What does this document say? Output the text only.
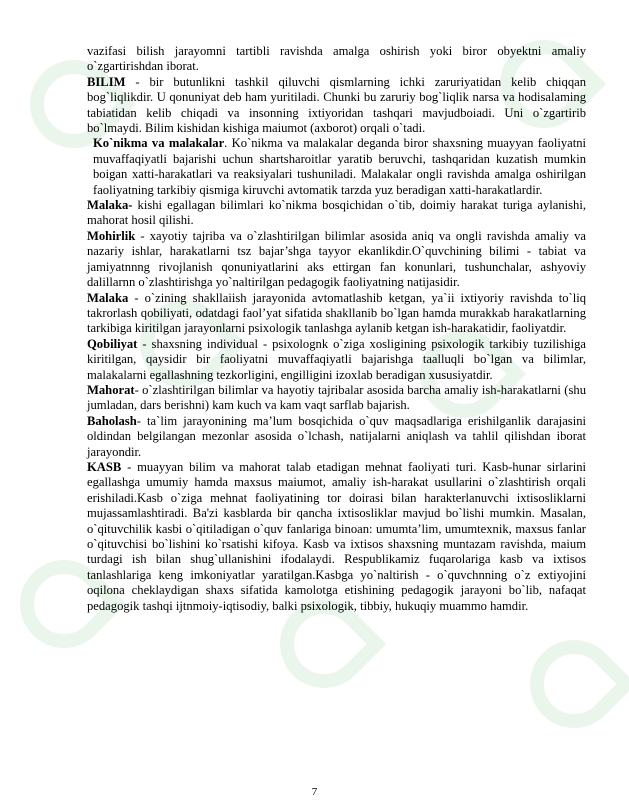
vazifasi bilish jarayomni tartibli ravishda amalga oshirish yoki biror obyektni amaliy o`zgartirishdan iborat.

BILIM - bir butunlikni tashkil qiluvchi qismlarning ichki zaruriyatidan kelib chiqqan bog`liqlikdir. U qonuniyat deb ham yuritiladi. Chunki bu zaruriy bog`liqlik narsa va hodisalaming tabiatidan kelib chiqadi va insonning ixtiyoridan tashqari mavjudboiadi. Uni o`zgartirib bo`lmaydi. Bilim kishidan kishiga maiumot (axborot) orqali o`tadi.

Ko`nikma va malakalar. Ko`nikma va malakalar deganda biror shaxsning muayyan faoliyatni muvaffaqiyatli bajarishi uchun shartsharoitlar yaratib beruvchi, tashqaridan kuzatish mumkin boigan xatti-harakatlari va reaksiyalari tushuniladi. Malakalar ongli ravishda amalga oshirilgan faoliyatning tarkibiy qismiga kiruvchi avtomatik tarzda yuz beradigan xatti-harakatlardir.

Malaka- kishi egallagan bilimlari ko`nikma bosqichidan o`tib, doimiy harakat turiga aylanishi, mahorat hosil qilishi.

Mohirlik - xayotiy tajriba va o`zlashtirilgan bilimlar asosida aniq va ongli ravishda amaliy va nazariy ishlar, harakatlarni tsz bajar’shga tayyor ekanlikdir.O`quvchining bilimi - tabiat va jamiyatnnng rivojlanish qonuniyatlarini aks ettirgan fan konunlari, tushunchalar, ashyoviy dalillarnn o`zlashtirishga yo`naltirilgan pedagogik faoliyatning natijasidir.

Malaka - o`zining shakllaiish jarayonida avtomatlashib ketgan, ya`ii ixtiyoriy ravishda to`liq takrorlash qobiliyati, odatdagi faol’yat sifatida shakllanib bo`lgan hamda murakkab harakatlarning tarkibiga kiritilgan jarayonlarni psixologik tanlashga aylanib ketgan ish-harakatidir, faoliyatdir.

Qobiliyat - shaxsning individual - psixolognk o`ziga xosligining psixologik tarkibiy tuzilishiga kiritilgan, qaysidir bir faoliyatni muvaffaqiyatli bajarishga taalluqli bo`lgan va bilimlar, malakalarni egallashning tezkorligini, engilligini izoxlab beradigan xususiyatdir.

Mahorat- o`zlashtirilgan bilimlar va hayotiy tajribalar asosida barcha amaliy ish-harakatlarni (shu jumladan, dars berishni) kam kuch va kam vaqt sarflab bajarish.

Baholash- ta`lim jarayonining ma’lum bosqichida o`quv maqsadlariga erishilganlik darajasini oldindan belgilangan mezonlar asosida o`lchash, natijalarni aniqlash va tahlil qilishdan iborat jarayondir.

KASB - muayyan bilim va mahorat talab etadigan mehnat faoliyati turi. Kasb-hunar sirlarini egallashga umumiy hamda maxsus maiumot, amaliy ish-harakat usullarini o`zlashtirish orqali erishiladi.Kasb o`ziga mehnat faoliyatining tor doirasi bilan harakterlanuvchi ixtisosliklarni mujassamlashtiradi. Ba'zi kasblarda bir qancha ixtisosliklar mavjud bo`lishi mumkin. Masalan, o`qituvchilik kasbi o`qitiladigan o`quv fanlariga binoan: umumta’lim, umumtexnik, maxsus fanlar o`qituvchisi bo`lishini ko`rsatishi kifoya. Kasb va ixtisos shaxsning muntazam ravishda, maium turdagi ish bilan shug`ullanishini ifodalaydi. Respublikamiz fuqarolariga kasb va ixtisos tanlashlariga keng imkoniyatlar yaratilgan.Kasbga yo`naltirish - o`quvchnning o`z extiyojini oqilona cheklaydigan shaxs sifatida kamolotga etishining pedagogik jarayoni bo`lib, nafaqat pedagogik tashqi ijtnmoiy-iqtisodiy, balki psixologik, tibbiy, hukuqiy muammo hamdir.

7
